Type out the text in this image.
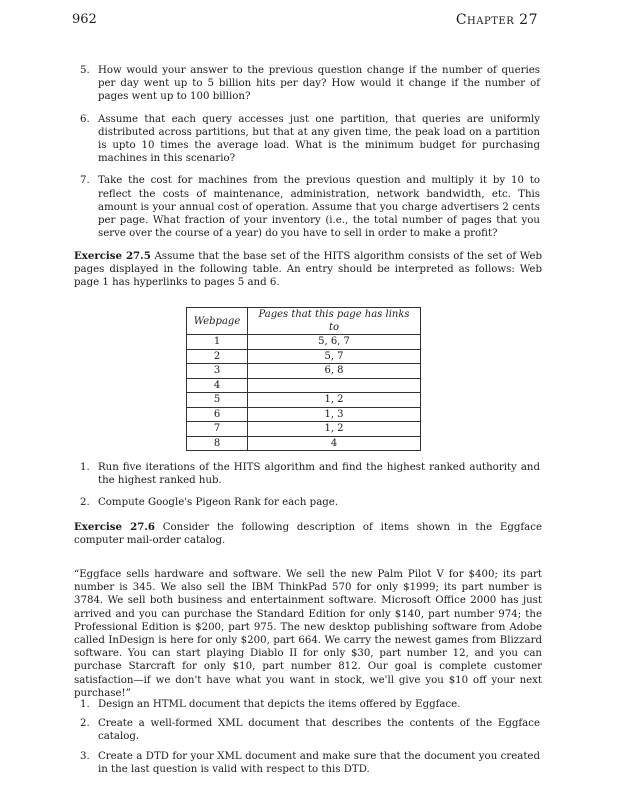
962	Chapter 27
5. How would your answer to the previous question change if the number of queries per day went up to 5 billion hits per day? How would it change if the number of pages went up to 100 billion?
6. Assume that each query accesses just one partition, that queries are uniformly distributed across partitions, but that at any given time, the peak load on a partition is upto 10 times the average load. What is the minimum budget for purchasing machines in this scenario?
7. Take the cost for machines from the previous question and multiply it by 10 to reflect the costs of maintenance, administration, network bandwidth, etc. This amount is your annual cost of operation. Assume that you charge advertisers 2 cents per page. What fraction of your inventory (i.e., the total number of pages that you serve over the course of a year) do you have to sell in order to make a profit?
Exercise 27.5 Assume that the base set of the HITS algorithm consists of the set of Web pages displayed in the following table. An entry should be interpreted as follows: Web page 1 has hyperlinks to pages 5 and 6.
Webpage	Pages that this page has links to
1	5, 6, 7
2	5, 7
3	6, 8
4	
5	1, 2
6	1, 3
7	1, 2
8	4
1. Run five iterations of the HITS algorithm and find the highest ranked authority and the highest ranked hub.
2. Compute Google's Pigeon Rank for each page.
Exercise 27.6 Consider the following description of items shown in the Eggface computer mail-order catalog.
“Eggface sells hardware and software. We sell the new Palm Pilot V for $400; its part number is 345. We also sell the IBM ThinkPad 570 for only $1999; its part number is 3784. We sell both business and entertainment software. Microsoft Office 2000 has just arrived and you can purchase the Standard Edition for only $140, part number 974; the Professional Edition is $200, part 975. The new desktop publishing software from Adobe called InDesign is here for only $200, part 664. We carry the newest games from Blizzard software. You can start playing Diablo II for only $30, part number 12, and you can purchase Starcraft for only $10, part number 812. Our goal is complete customer satisfaction—if we don't have what you want in stock, we'll give you $10 off your next purchase!”
1. Design an HTML document that depicts the items offered by Eggface.
2. Create a well-formed XML document that describes the contents of the Eggface catalog.
3. Create a DTD for your XML document and make sure that the document you created in the last question is valid with respect to this DTD.
